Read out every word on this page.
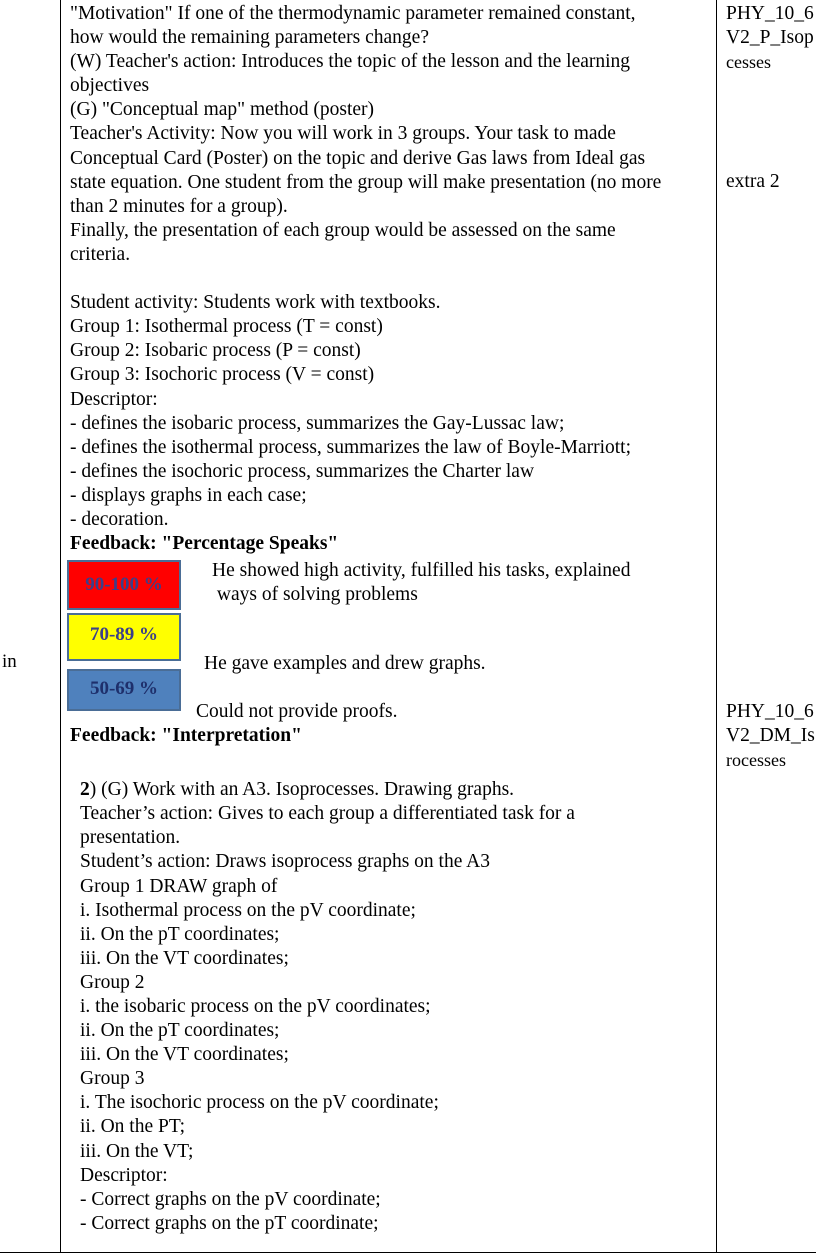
in

"Motivation" If one of the thermodynamic parameter remained constant,

how would the remaining parameters change?

(W) Teacher's action: Introduces the topic of the lesson and the learning

objectives

(G) "Conceptual map" method (poster)

Teacher's Activity: Now you will work in 3 groups. Your task to made

Conceptual Card (Poster) on the topic and derive Gas laws from Ideal gas

state equation. One student from the group will make presentation (no more

than 2 minutes for a group).

Finally, the presentation of each group would be assessed on the same

criteria.

Student activity: Students work with textbooks.

Group 1: Isothermal process (T = const)

Group 2: Isobaric process (P = const)

Group 3: Isochoric process (V = const)

Descriptor:

- defines the isobaric process, summarizes the Gay-Lussac law;

- defines the isothermal process, summarizes the law of Boyle-Marriott;

- defines the isochoric process, summarizes the Charter law

- displays graphs in each case;

- decoration.

Feedback: "Percentage Speaks"

90-100 %
He showed high activity, fulfilled his tasks, explained
ways of solving problems
70-89 %
He gave examples and drew graphs.
50-69 %
Could not provide proofs.

Feedback: "Interpretation"

2) (G) Work with an A3. Isoprocesses. Drawing graphs.

Teacher’s action: Gives to each group a differentiated task for a

presentation.

Student’s action: Draws isoprocess graphs on the A3

Group 1 DRAW graph of

i. Isothermal process on the pV coordinate;

ii. On the pT coordinates;

iii. On the VT coordinates;

Group 2

i. the isobaric process on the pV coordinates;

ii. On the pT coordinates;

iii. On the VT coordinates;

Group 3

i. The isochoric process on the pV coordinate;

ii. On the PT;

iii. On the VT;

Descriptor:

- Correct graphs on the pV coordinate;

- Correct graphs on the pT coordinate;

PHY_10_6
V2_P_Isop
cesses
extra 2
PHY_10_6
V2_DM_Is
rocesses
